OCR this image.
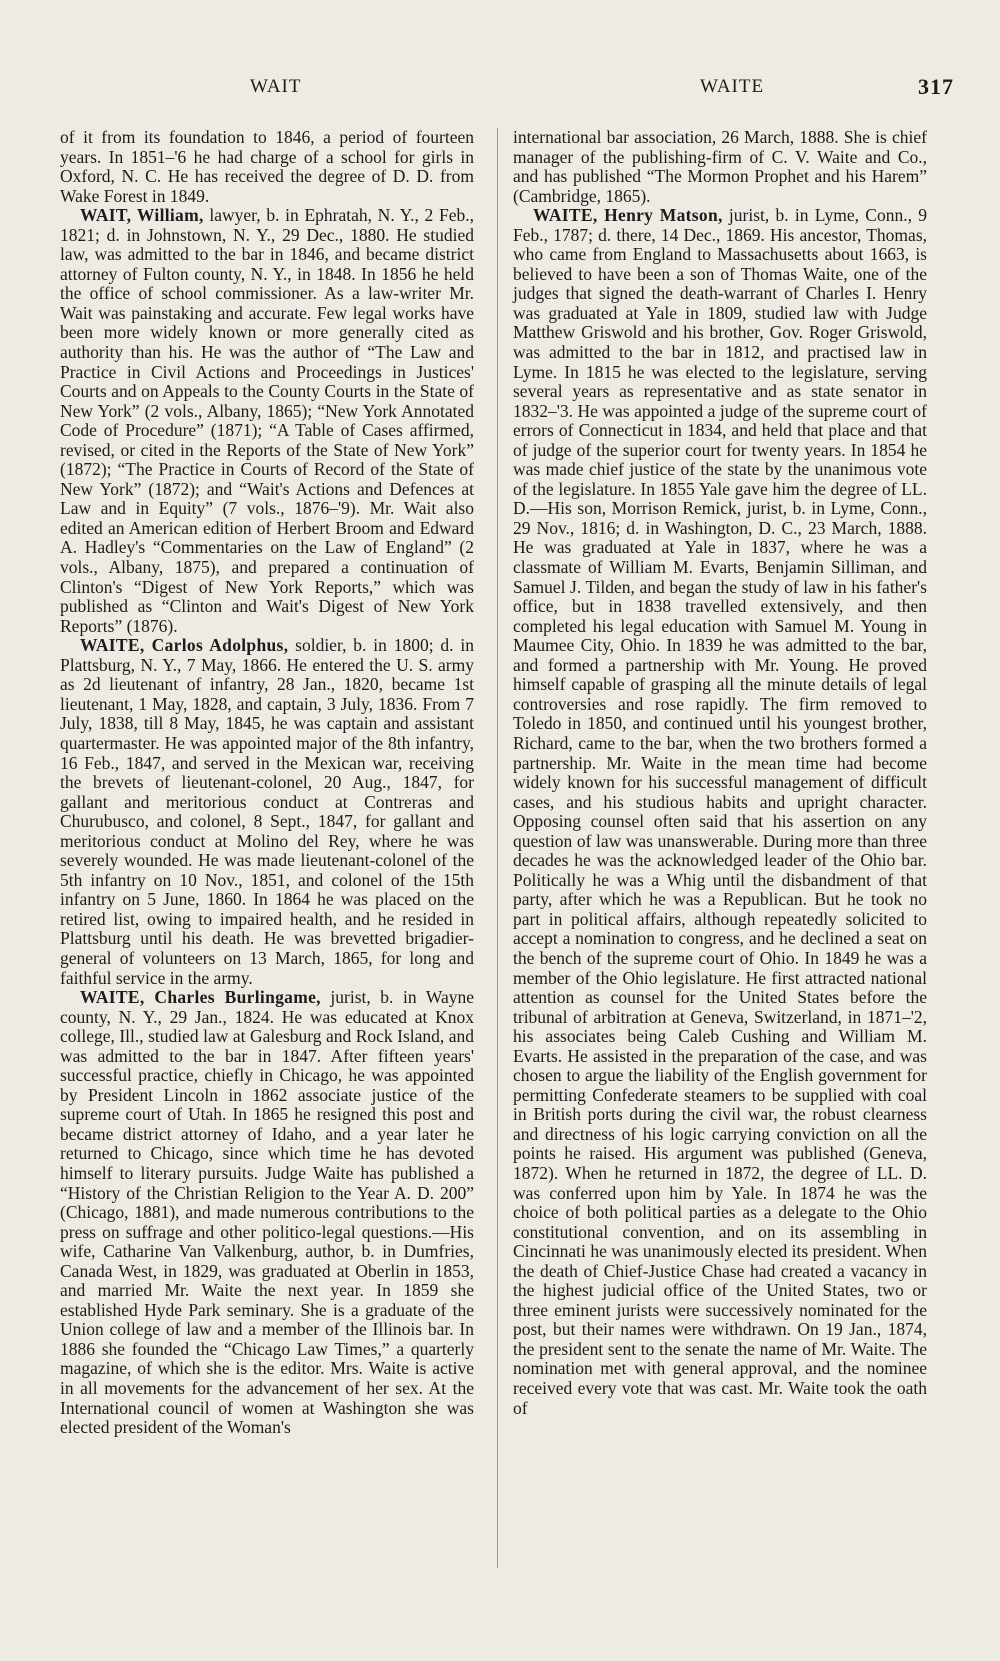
WAIT	WAITE	317

of it from its foundation to 1846, a period of fourteen years. In 1851–'6 he had charge of a school for girls in Oxford, N. C. He has received the degree of D. D. from Wake Forest in 1849.

WAIT, William, lawyer, b. in Ephratah, N. Y., 2 Feb., 1821; d. in Johnstown, N. Y., 29 Dec., 1880. He studied law, was admitted to the bar in 1846, and became district attorney of Fulton county, N. Y., in 1848. In 1856 he held the office of school commissioner. As a law-writer Mr. Wait was painstaking and accurate. Few legal works have been more widely known or more generally cited as authority than his. He was the author of “The Law and Practice in Civil Actions and Proceedings in Justices' Courts and on Appeals to the County Courts in the State of New York” (2 vols., Albany, 1865); “New York Annotated Code of Procedure” (1871); “A Table of Cases affirmed, revised, or cited in the Reports of the State of New York” (1872); “The Practice in Courts of Record of the State of New York” (1872); and “Wait's Actions and Defences at Law and in Equity” (7 vols., 1876–'9). Mr. Wait also edited an American edition of Herbert Broom and Edward A. Hadley's “Commentaries on the Law of England” (2 vols., Albany, 1875), and prepared a continuation of Clinton's “Digest of New York Reports,” which was published as “Clinton and Wait's Digest of New York Reports” (1876).

WAITE, Carlos Adolphus, soldier, b. in 1800; d. in Plattsburg, N. Y., 7 May, 1866. He entered the U. S. army as 2d lieutenant of infantry, 28 Jan., 1820, became 1st lieutenant, 1 May, 1828, and captain, 3 July, 1836. From 7 July, 1838, till 8 May, 1845, he was captain and assistant quartermaster. He was appointed major of the 8th infantry, 16 Feb., 1847, and served in the Mexican war, receiving the brevets of lieutenant-colonel, 20 Aug., 1847, for gallant and meritorious conduct at Contreras and Churubusco, and colonel, 8 Sept., 1847, for gallant and meritorious conduct at Molino del Rey, where he was severely wounded. He was made lieutenant-colonel of the 5th infantry on 10 Nov., 1851, and colonel of the 15th infantry on 5 June, 1860. In 1864 he was placed on the retired list, owing to impaired health, and he resided in Plattsburg until his death. He was brevetted brigadier-general of volunteers on 13 March, 1865, for long and faithful service in the army.

WAITE, Charles Burlingame, jurist, b. in Wayne county, N. Y., 29 Jan., 1824. He was educated at Knox college, Ill., studied law at Galesburg and Rock Island, and was admitted to the bar in 1847. After fifteen years' successful practice, chiefly in Chicago, he was appointed by President Lincoln in 1862 associate justice of the supreme court of Utah. In 1865 he resigned this post and became district attorney of Idaho, and a year later he returned to Chicago, since which time he has devoted himself to literary pursuits. Judge Waite has published a “History of the Christian Religion to the Year A. D. 200” (Chicago, 1881), and made numerous contributions to the press on suffrage and other politico-legal questions.—His wife, Catharine Van Valkenburg, author, b. in Dumfries, Canada West, in 1829, was graduated at Oberlin in 1853, and married Mr. Waite the next year. In 1859 she established Hyde Park seminary. She is a graduate of the Union college of law and a member of the Illinois bar. In 1886 she founded the “Chicago Law Times,” a quarterly magazine, of which she is the editor. Mrs. Waite is active in all movements for the advancement of her sex. At the International council of women at Washington she was elected president of the Woman's

international bar association, 26 March, 1888. She is chief manager of the publishing-firm of C. V. Waite and Co., and has published “The Mormon Prophet and his Harem” (Cambridge, 1865).

WAITE, Henry Matson, jurist, b. in Lyme, Conn., 9 Feb., 1787; d. there, 14 Dec., 1869. His ancestor, Thomas, who came from England to Massachusetts about 1663, is believed to have been a son of Thomas Waite, one of the judges that signed the death-warrant of Charles I. Henry was graduated at Yale in 1809, studied law with Judge Matthew Griswold and his brother, Gov. Roger Griswold, was admitted to the bar in 1812, and practised law in Lyme. In 1815 he was elected to the legislature, serving several years as representative and as state senator in 1832–'3. He was appointed a judge of the supreme court of errors of Connecticut in 1834, and held that place and that of judge of the superior court for twenty years. In 1854 he was made chief justice of the state by the unanimous vote of the legislature. In 1855 Yale gave him the degree of LL. D.—His son, Morrison Remick, jurist, b. in Lyme, Conn., 29 Nov., 1816; d. in Washington, D. C., 23 March, 1888. He was graduated at Yale in 1837, where he was a classmate of William M. Evarts, Benjamin Silliman, and Samuel J. Tilden, and began the study of law in his father's office, but in 1838 travelled extensively, and then completed his legal education with Samuel M. Young in Maumee City, Ohio. In 1839 he was admitted to the bar, and formed a partnership with Mr. Young. He proved himself capable of grasping all the minute details of legal controversies and rose rapidly. The firm removed to Toledo in 1850, and continued until his youngest brother, Richard, came to the bar, when the two brothers formed a partnership. Mr. Waite in the mean time had become widely known for his successful management of difficult cases, and his studious habits and upright character. Opposing counsel often said that his assertion on any question of law was unanswerable. During more than three decades he was the acknowledged leader of the Ohio bar. Politically he was a Whig until the disbandment of that party, after which he was a Republican. But he took no part in political affairs, although repeatedly solicited to accept a nomination to congress, and he declined a seat on the bench of the supreme court of Ohio. In 1849 he was a member of the Ohio legislature. He first attracted national attention as counsel for the United States before the tribunal of arbitration at Geneva, Switzerland, in 1871–'2, his associates being Caleb Cushing and William M. Evarts. He assisted in the preparation of the case, and was chosen to argue the liability of the English government for permitting Confederate steamers to be supplied with coal in British ports during the civil war, the robust clearness and directness of his logic carrying conviction on all the points he raised. His argument was published (Geneva, 1872). When he returned in 1872, the degree of LL. D. was conferred upon him by Yale. In 1874 he was the choice of both political parties as a delegate to the Ohio constitutional convention, and on its assembling in Cincinnati he was unanimously elected its president. When the death of Chief-Justice Chase had created a vacancy in the highest judicial office of the United States, two or three eminent jurists were successively nominated for the post, but their names were withdrawn. On 19 Jan., 1874, the president sent to the senate the name of Mr. Waite. The nomination met with general approval, and the nominee received every vote that was cast. Mr. Waite took the oath of
